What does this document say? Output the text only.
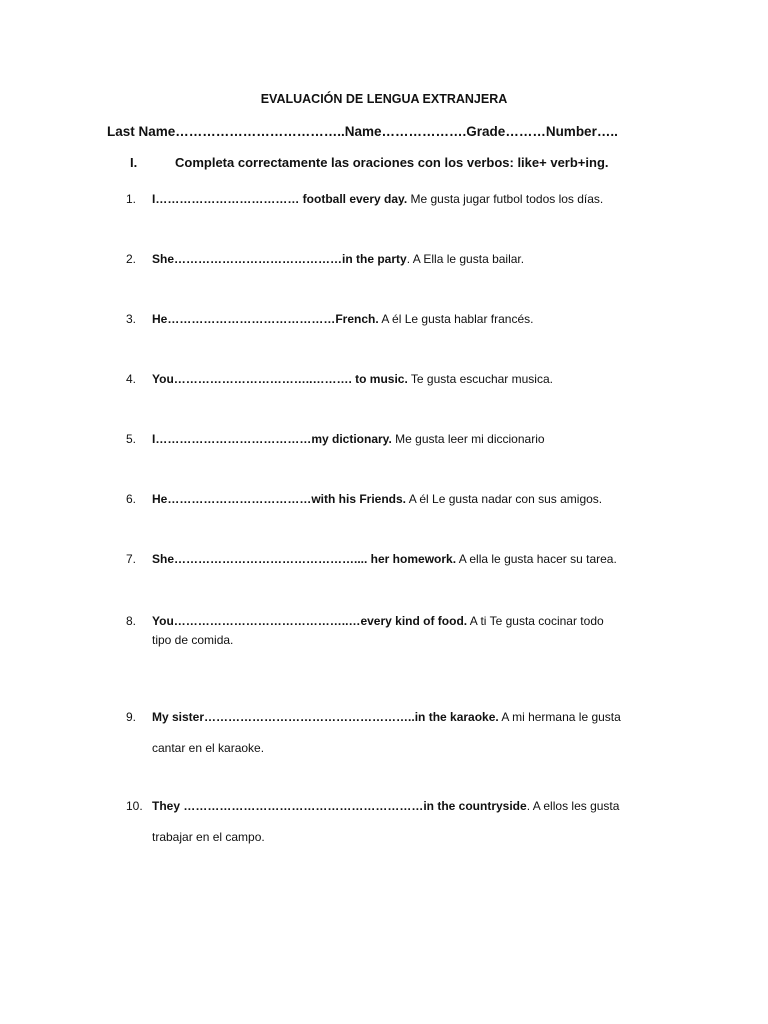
EVALUACIÓN DE LENGUA EXTRANJERA
Last Name………………………………..Name……………….Grade………Number…..
I.	Completa correctamente las oraciones con los verbos: like+ verb+ing.
1. I……………………………… football every day. Me gusta jugar futbol todos los días.
2. She……………………………………in the party. A Ella le gusta bailar.
3. He……………………………………French. A él Le gusta hablar francés.
4. You……………………………..………. to music. Te gusta escuchar musica.
5. I…………………………………my dictionary. Me gusta leer mi diccionario
6. He………………………………with his Friends. A él Le gusta nadar con sus amigos.
7. She……………………………………….... her homework. A ella le gusta hacer su tarea.
8. You……………………………………..…every kind of food. A ti Te gusta cocinar todo
tipo de comida.
9. My sister……………………………………………..in the karaoke. A mi hermana le gusta
cantar en el karaoke.
10. They ……………………………………………………in the countryside. A ellos les gusta
trabajar en el campo.
